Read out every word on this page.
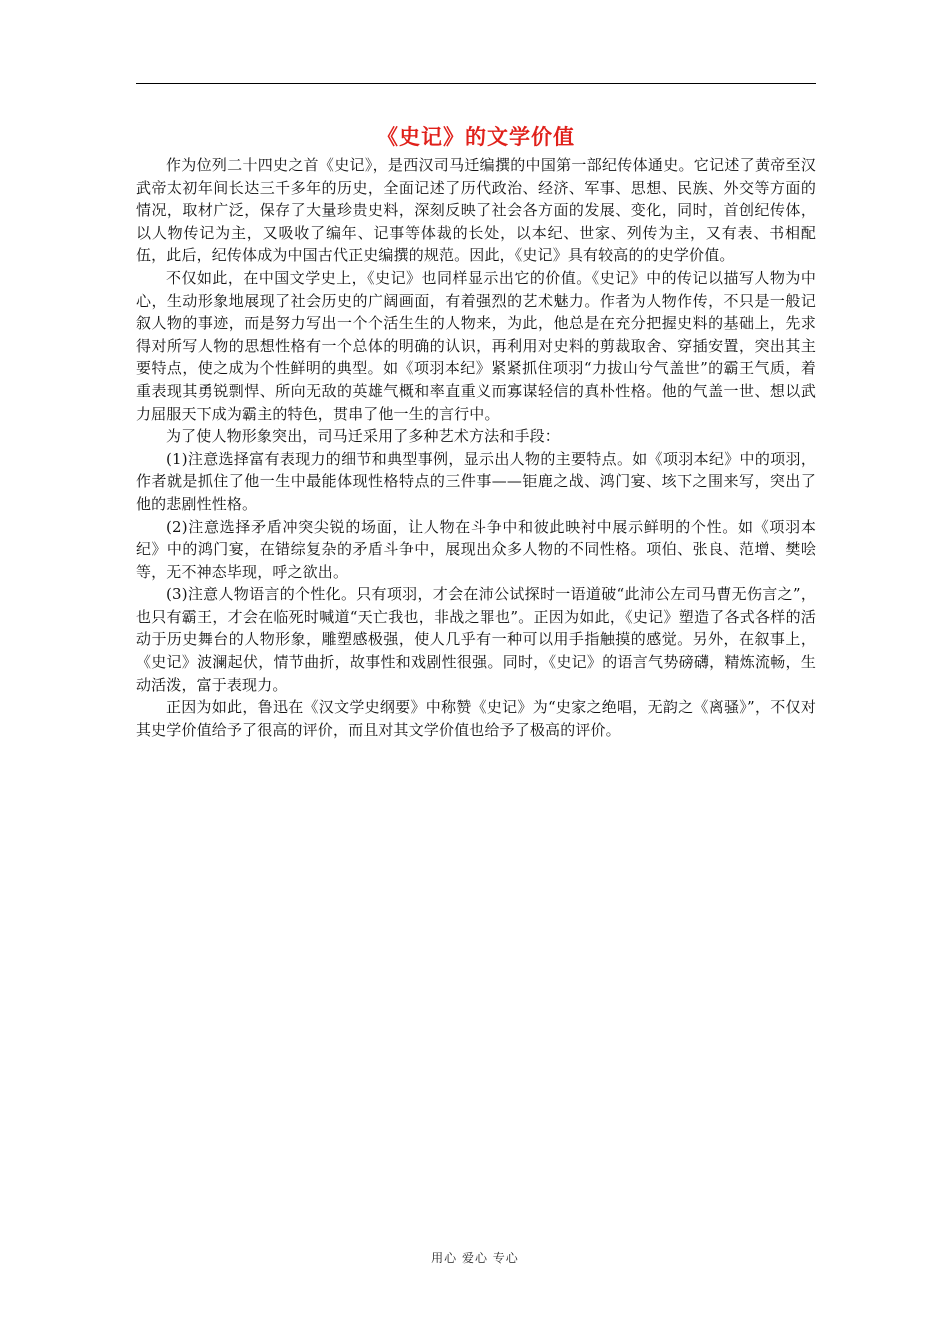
《史记》的文学价值

作为位列二十四史之首《史记》，是西汉司马迁编撰的中国第一部纪传体通史。它记述了黄帝至汉武帝太初年间长达三千多年的历史，全面记述了历代政治、经济、军事、思想、民族、外交等方面的情况，取材广泛，保存了大量珍贵史料，深刻反映了社会各方面的发展、变化，同时，首创纪传体，以人物传记为主，又吸收了编年、记事等体裁的长处，以本纪、世家、列传为主，又有表、书相配伍，此后，纪传体成为中国古代正史编撰的规范。因此，《史记》具有较高的的史学价值。

不仅如此，在中国文学史上，《史记》也同样显示出它的价值。《史记》中的传记以描写人物为中心，生动形象地展现了社会历史的广阔画面，有着强烈的艺术魅力。作者为人物作传，不只是一般记叙人物的事迹，而是努力写出一个个活生生的人物来，为此，他总是在充分把握史料的基础上，先求得对所写人物的思想性格有一个总体的明确的认识，再利用对史料的剪裁取舍、穿插安置，突出其主要特点，使之成为个性鲜明的典型。如《项羽本纪》紧紧抓住项羽“力拔山兮气盖世”的霸王气质，着重表现其勇锐剽悍、所向无敌的英雄气概和率直重义而寡谋轻信的真朴性格。他的气盖一世、想以武力屈服天下成为霸主的特色，贯串了他一生的言行中。

为了使人物形象突出，司马迁采用了多种艺术方法和手段：

(1)注意选择富有表现力的细节和典型事例，显示出人物的主要特点。如《项羽本纪》中的项羽，作者就是抓住了他一生中最能体现性格特点的三件事——钜鹿之战、鸿门宴、垓下之围来写，突出了他的悲剧性性格。

(2)注意选择矛盾冲突尖锐的场面，让人物在斗争中和彼此映衬中展示鲜明的个性。如《项羽本纪》中的鸿门宴，在错综复杂的矛盾斗争中，展现出众多人物的不同性格。项伯、张良、范增、樊哙等，无不神态毕现，呼之欲出。

(3)注意人物语言的个性化。只有项羽，才会在沛公试探时一语道破“此沛公左司马曹无伤言之”，也只有霸王，才会在临死时喊道“天亡我也，非战之罪也”。正因为如此，《史记》塑造了各式各样的活动于历史舞台的人物形象，雕塑感极强，使人几乎有一种可以用手指触摸的感觉。另外，在叙事上，《史记》波澜起伏，情节曲折，故事性和戏剧性很强。同时，《史记》的语言气势磅礴，精炼流畅，生动活泼，富于表现力。

正因为如此，鲁迅在《汉文学史纲要》中称赞《史记》为“史家之绝唱，无韵之《离骚》”，不仅对其史学价值给予了很高的评价，而且对其文学价值也给予了极高的评价。

用心 爱心 专心
